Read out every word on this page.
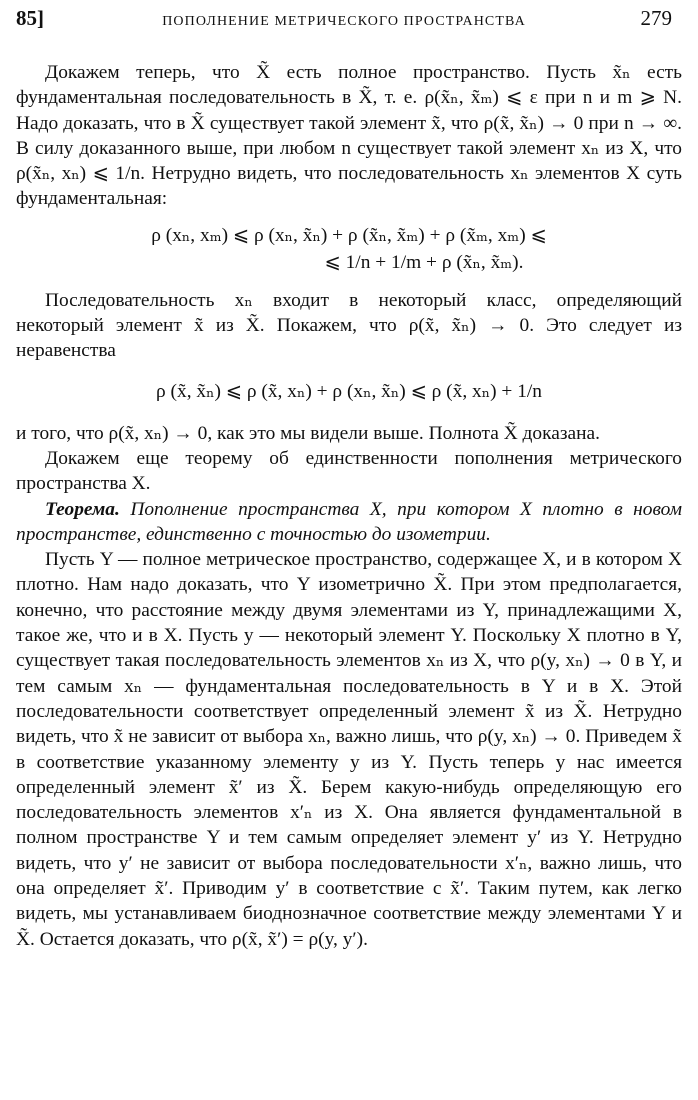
85]	ПОПОЛНЕНИЕ МЕТРИЧЕСКОГО ПРОСТРАНСТВА	279

Докажем теперь, что X̃ есть полное пространство. Пусть x̃ₙ есть фундаментальная последовательность в X̃, т. е. ρ(x̃ₙ, x̃ₘ) ⩽ ε при n и m ⩾ N. Надо доказать, что в X̃ существует такой элемент x̃, что ρ(x̃, x̃ₙ) → 0 при n → ∞. В силу доказанного выше, при любом n существует такой элемент xₙ из X, что ρ(x̃ₙ, xₙ) ⩽ 1/n. Нетрудно видеть, что последовательность xₙ элементов X суть фундаментальная:

ρ (xₙ, xₘ) ⩽ ρ (xₙ, x̃ₙ) + ρ (x̃ₙ, x̃ₘ) + ρ (x̃ₘ, xₘ) ⩽
⩽ 1/n + 1/m + ρ (x̃ₙ, x̃ₘ).

Последовательность xₙ входит в некоторый класс, определяющий некоторый элемент x̃ из X̃. Покажем, что ρ(x̃, x̃ₙ) → 0. Это следует из неравенства

ρ (x̃, x̃ₙ) ⩽ ρ (x̃, xₙ) + ρ (xₙ, x̃ₙ) ⩽ ρ (x̃, xₙ) + 1/n

и того, что ρ(x̃, xₙ) → 0, как это мы видели выше. Полнота X̃ доказана.

Докажем еще теорему об единственности пополнения метрического пространства X.

Теорема. Пополнение пространства X, при котором X плотно в новом пространстве, единственно с точностью до изометрии.

Пусть Y — полное метрическое пространство, содержащее X, и в котором X плотно. Нам надо доказать, что Y изометрично X̃. При этом предполагается, конечно, что расстояние между двумя элементами из Y, принадлежащими X, такое же, что и в X. Пусть y — некоторый элемент Y. Поскольку X плотно в Y, существует такая последовательность элементов xₙ из X, что ρ(y, xₙ) → 0 в Y, и тем самым xₙ — фундаментальная последовательность в Y и в X. Этой последовательности соответствует определенный элемент x̃ из X̃. Нетрудно видеть, что x̃ не зависит от выбора xₙ, важно лишь, что ρ(y, xₙ) → 0. Приведем x̃ в соответствие указанному элементу y из Y. Пусть теперь у нас имеется определенный элемент x̃′ из X̃. Берем какую-нибудь определяющую его последовательность элементов x′ₙ из X. Она является фундаментальной в полном пространстве Y и тем самым определяет элемент y′ из Y. Нетрудно видеть, что y′ не зависит от выбора последовательности x′ₙ, важно лишь, что она определяет x̃′. Приводим y′ в соответствие с x̃′. Таким путем, как легко видеть, мы устанавливаем биоднозначное соответствие между элементами Y и X̃. Остается доказать, что ρ(x̃, x̃′) = ρ(y, y′).
